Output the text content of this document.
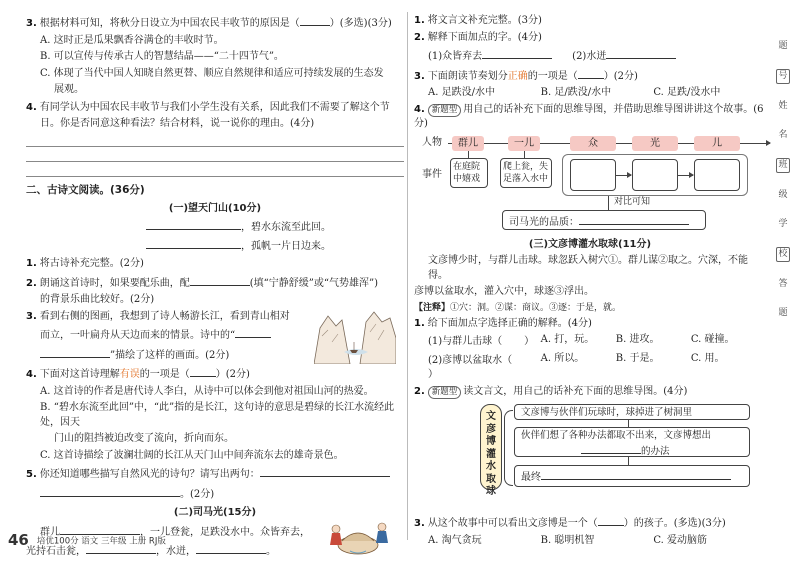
3. 根据材料可知，将秋分日设立为中国农民丰收节的原因是（	）(多选)(3分)
A. 这时正是瓜果飘香谷满仓的丰收时节。
B. 可以宣传与传承古人的智慧结晶——“二十四节气”。
C. 体现了当代中国人知晓自然更替、顺应自然规律和适应可持续发展的生态发
展观。
4. 有同学认为中国农民丰收节与我们小学生没有关系，因此我们不需要了解这个节
日。你是否同意这种看法？结合材料，说一说你的理由。(4分)
二、古诗文阅读。(36分)
(一)望天门山(10分)
，碧水东流至此回。
，孤帆一片日边来。
1. 将古诗补充完整。(2分)
2. 朗诵这首诗时，如果要配乐曲，配	(填“宁静舒缓”或“气势雄浑”)
的背景乐曲比较好。(2分)
3. 看到右侧的图画，我想到了诗人畅游长江，看到青山相对
而立，一叶扁舟从天边而来的情景。诗中的“
”描绘了这样的画面。(2分)
4. 下面对这首诗理解有误的一项是（	）(2分)
A. 这首诗的作者是唐代诗人李白，从诗中可以体会到他对祖国山河的热爱。
B. “碧水东流至此回”中，“此”指的是长江，这句诗的意思是碧绿的长江水流经此处，因天
门山的阻挡被迫改变了流向，折向而东。
C. 这首诗描绘了波澜壮阔的长江从天门山中间奔流东去的雄奇景色。
5. 你还知道哪些描写自然风光的诗句？请写出两句：
。(2分)
(二)司马光(15分)
群儿	，一儿登瓮，足跌没水中。众皆弃去，
光持石击瓮，	，水迸，	。
1. 将文言文补充完整。(3分)
2. 解释下面加点的字。(4分)
(1)众皆弃去	(2)水迸
3. 下面朗读节奏划分正确的一项是（	）(2分)
A. 足跌没/水中	B. 足/跌没/水中	C. 足跌/没水中
4. 新题型 用自己的话补充下面的思维导图，并借助思维导图讲讲这个故事。(6分)
人物
事件
群儿	一儿	众	光	儿
在庭院中嬉戏
爬上瓮，失足落入水中
对比可知
司马光的品质：
(三)文彦博灌水取球(11分)
文彦博少时，与群儿击球。球忽跃入树穴①。群儿谋②取之。穴深，不能得。
彦博以盆取水，灌入穴中，球逐③浮出。
【注释】①穴：洞。②谋：商议。③逐：于是，就。
1. 给下面加点字选择正确的解释。(4分)
(1)与群儿击球（ ） A. 打，玩。	B. 进攻。	C. 碰撞。
(2)彦博以盆取水（）
A. 所以。	B. 于是。	C. 用。
2. 新题型 读文言文，用自己的话补充下面的思维导图。(4分)
文
彦
博
灌
水
取
球
文彦博与伙伴们玩球时，球掉进了树洞里
伙伴们想了各种办法都取不出来，文彦博想出
的办法
最终
3. 从这个故事中可以看出文彦博是一个（	）的孩子。(多选)(3分)
A. 淘气贪玩	B. 聪明机智	C. 爱动脑筋
题
号
姓
名
班
级
学
校
答
题
46 培优100分 语文 三年级 上册 RJ版
